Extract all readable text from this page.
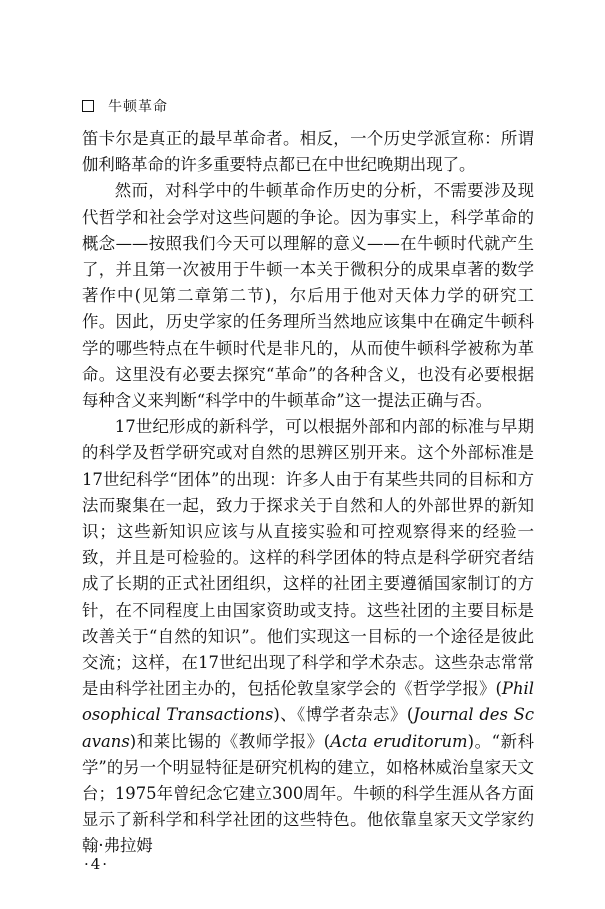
牛顿革命

笛卡尔是真正的最早革命者。相反，一个历史学派宣称：所谓伽利略革命的许多重要特点都已在中世纪晚期出现了。

然而，对科学中的牛顿革命作历史的分析，不需要涉及现代哲学和社会学对这些问题的争论。因为事实上，科学革命的概念——按照我们今天可以理解的意义——在牛顿时代就产生了，并且第一次被用于牛顿一本关于微积分的成果卓著的数学著作中(见第二章第二节)，尔后用于他对天体力学的研究工作。因此，历史学家的任务理所当然地应该集中在确定牛顿科学的哪些特点在牛顿时代是非凡的，从而使牛顿科学被称为革命。这里没有必要去探究“革命”的各种含义，也没有必要根据每种含义来判断“科学中的牛顿革命”这一提法正确与否。

17世纪形成的新科学，可以根据外部和内部的标准与早期的科学及哲学研究或对自然的思辨区别开来。这个外部标准是17世纪科学“团体”的出现：许多人由于有某些共同的目标和方法而聚集在一起，致力于探求关于自然和人的外部世界的新知识；这些新知识应该与从直接实验和可控观察得来的经验一致，并且是可检验的。这样的科学团体的特点是科学研究者结成了长期的正式社团组织，这样的社团主要遵循国家制订的方针，在不同程度上由国家资助或支持。这些社团的主要目标是改善关于“自然的知识”。他们实现这一目标的一个途径是彼此交流；这样，在17世纪出现了科学和学术杂志。这些杂志常常是由科学社团主办的，包括伦敦皇家学会的《哲学学报》(Philosophical Transactions)、《博学者杂志》(Journal des Scavans)和莱比锡的《教师学报》(Acta eruditorum)。“新科学”的另一个明显特征是研究机构的建立，如格林威治皇家天文台；1975年曾纪念它建立300周年。牛顿的科学生涯从各方面显示了新科学和科学社团的这些特色。他依靠皇家天文学家约翰·弗拉姆

·4·
